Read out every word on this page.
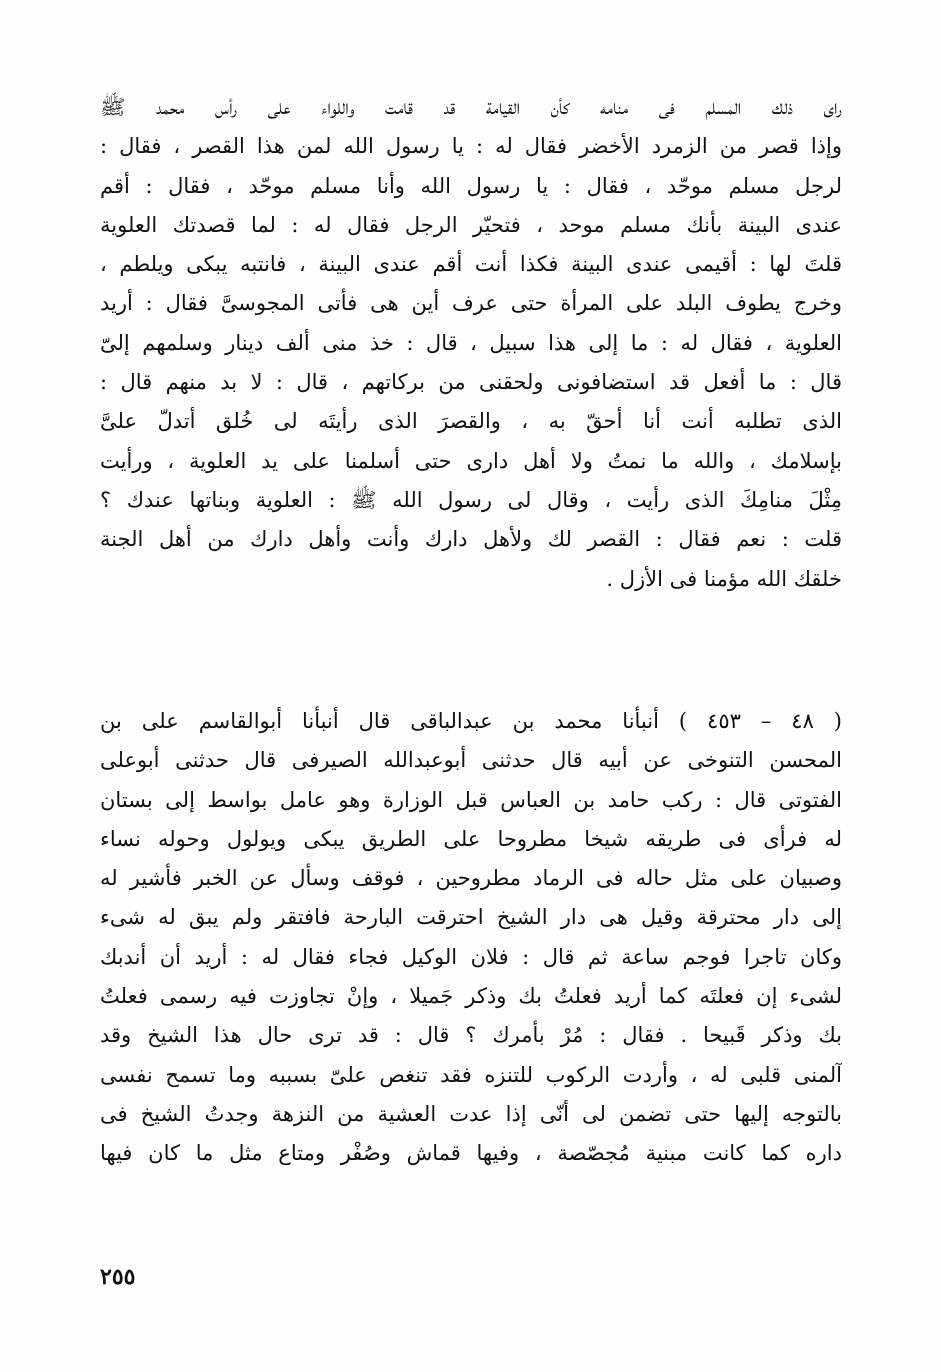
راى ذلك المسلم فى منامه كأن القيامة قد قامت واللواء على رأس محمد ﷺ
وإذا قصر من الزمرد الأخضر فقال له : يا رسول الله لمن هذا القصر ، فقال :
لرجل مسلم موحّد ، فقال : يا رسول الله وأنا مسلم موحّد ، فقال : أقم
عندى البينة بأنك مسلم موحد ، فتحيّر الرجل فقال له : لما قصدتك العلوية
قلتَ لها : أقيمى عندى البينة فكذا أنت أقم عندى البينة ، فانتبه يبكى ويلطم ،
وخرج يطوف البلد على المرأة حتى عرف أين هى فأتى المجوسىَّ فقال : أريد
العلوية ، فقال له : ما إلى هذا سبيل ، قال : خذ منى ألف دينار وسلمهم إلىّ
قال : ما أفعل قد استضافونى ولحقنى من بركاتهم ، قال : لا بد منهم قال :
الذى تطلبه أنت أنا أحقّ به ، والقصرَ الذى رأيتَه لى خُلق أتدلّ علىَّ
بإسلامك ، والله ما نمتُ ولا أهل دارى حتى أسلمنا على يد العلوية ، ورأيت
مِثْلَ منامِكَ الذى رأيت ، وقال لى رسول الله ﷺ : العلوية وبناتها عندك ؟
قلت : نعم فقال : القصر لك ولأهل دارك وأنت وأهل دارك من أهل الجنة
خلقك الله مؤمنا فى الأزل .
( ٤٨ – ٤٥٣ ) أنبأنا محمد بن عبدالباقى قال أنبأنا أبوالقاسم على بن
المحسن التنوخى عن أبيه قال حدثنى أبوعبدالله الصيرفى قال حدثنى أبوعلى
الفتوتى قال : ركب حامد بن العباس قبل الوزارة وهو عامل بواسط إلى بستان
له فرأى فى طريقه شيخا مطروحا على الطريق يبكى ويولول وحوله نساء
وصبيان على مثل حاله فى الرماد مطروحين ، فوقف وسأل عن الخبر فأشير له
إلى دار محترقة وقيل هى دار الشيخ احترقت البارحة فافتقر ولم يبق له شىء
وكان تاجرا فوجم ساعة ثم قال : فلان الوكيل فجاء فقال له : أريد أن أندبك
لشىء إن فعلتَه كما أريد فعلتُ بك وذكر جَميلا ، وإنْ تجاوزت فيه رسمى فعلتُ
بك وذكر قَبيحا . فقال : مُرْ بأمرك ؟ قال : قد ترى حال هذا الشيخ وقد
آلمنى قلبى له ، وأردت الركوب للتنزه فقد تنغص علىّ بسببه وما تسمح نفسى
بالتوجه إليها حتى تضمن لى أنّى إذا عدت العشية من النزهة وجدتُ الشيخ فى
داره كما كانت مبنية مُجصّصة ، وفيها قماش وصُفْر ومتاع مثل ما كان فيها
٢٥٥
